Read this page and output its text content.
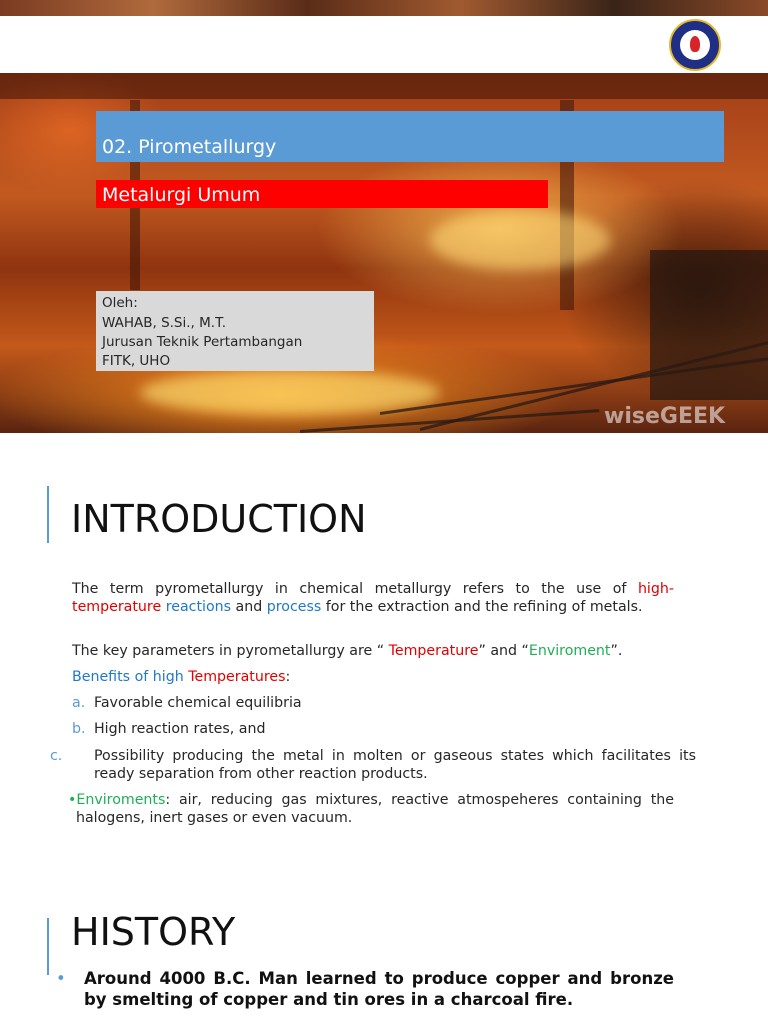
02. Pirometallurgy
Metalurgi Umum
Oleh:
WAHAB, S.Si., M.T.
Jurusan Teknik Pertambangan
FITK, UHO
wiseGEEK
INTRODUCTION
The term pyrometallurgy in chemical metallurgy refers to the use of high-temperature reactions and process for the extraction and the refining of metals.
The key parameters in pyrometallurgy are “ Temperature” and “Enviroment”.
Benefits of high Temperatures:
a. Favorable chemical equilibria
b. High reaction rates, and
c. Possibility producing the metal in molten or gaseous states which facilitates its ready separation from other reaction products.
•Enviroments: air, reducing gas mixtures, reactive atmospeheres containing the halogens, inert gases or even vacuum.
HISTORY
• Around 4000 B.C. Man learned to produce copper and bronze by smelting of copper and tin ores in a charcoal fire.
